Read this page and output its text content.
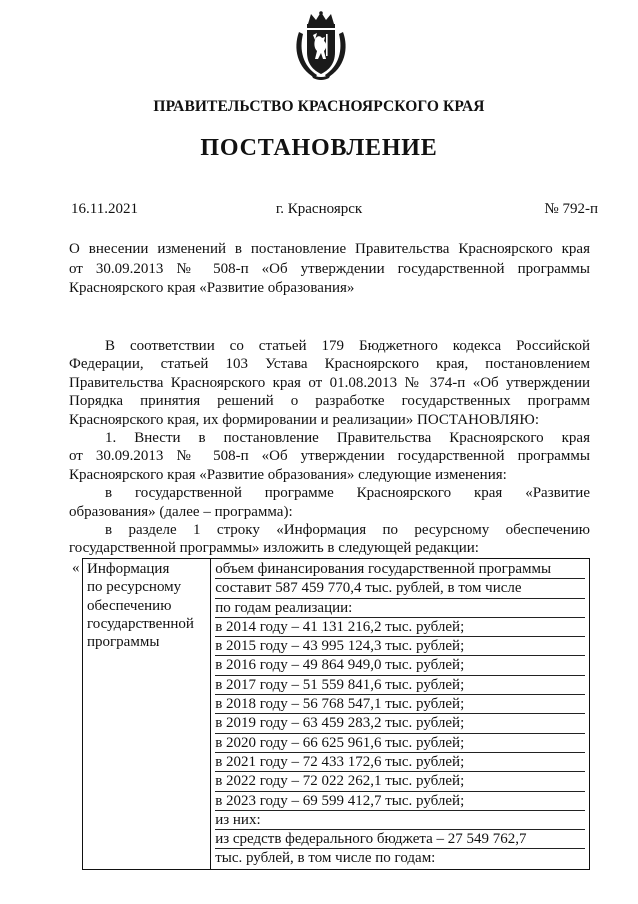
ПРАВИТЕЛЬСТВО КРАСНОЯРСКОГО КРАЯ
ПОСТАНОВЛЕНИЕ
16.11.2021	г. Красноярск	№ 792-п

О внесении изменений в постановление Правительства Красноярского края

от 30.09.2013 № 508-п «Об утверждении государственной программы

Красноярского края «Развитие образования»

В соответствии со статьей 179 Бюджетного кодекса Российской
Федерации, статьей 103 Устава Красноярского края, постановлением
Правительства Красноярского края от 01.08.2013 № 374-п «Об утверждении
Порядка принятия решений о разработке государственных программ
Красноярского края, их формировании и реализации» ПОСТАНОВЛЯЮ:
1. Внести в постановление Правительства Красноярского края
от 30.09.2013 № 508-п «Об утверждении государственной программы
Красноярского края «Развитие образования» следующие изменения:
в государственной программе Красноярского края «Развитие
образования» (далее – программа):
в разделе 1 строку «Информация по ресурсному обеспечению
государственной программы» изложить в следующей редакции:
« Информация
по ресурсному
обеспечению
государственной
программы

объем финансирования государственной программы
составит 587 459 770,4 тыс. рублей, в том числе
по годам реализации:
в 2014 году – 41 131 216,2 тыс. рублей;
в 2015 году – 43 995 124,3 тыс. рублей;
в 2016 году – 49 864 949,0 тыс. рублей;
в 2017 году – 51 559 841,6 тыс. рублей;
в 2018 году – 56 768 547,1 тыс. рублей;
в 2019 году – 63 459 283,2 тыс. рублей;
в 2020 году – 66 625 961,6 тыс. рублей;
в 2021 году – 72 433 172,6 тыс. рублей;
в 2022 году – 72 022 262,1 тыс. рублей;
в 2023 году – 69 599 412,7 тыс. рублей;
из них:
из средств федерального бюджета – 27 549 762,7
тыс. рублей, в том числе по годам:
